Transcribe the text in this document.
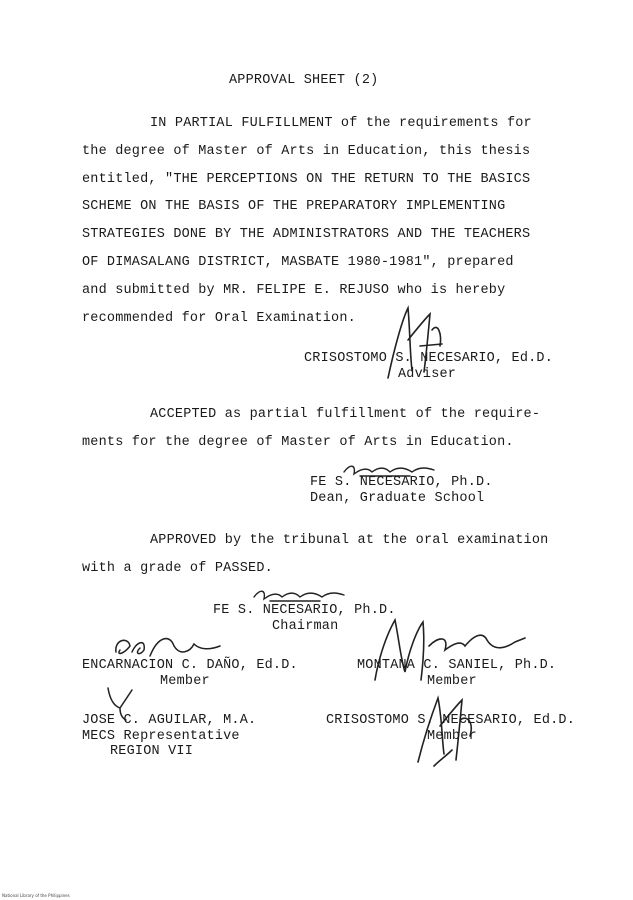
APPROVAL SHEET (2)
IN PARTIAL FULFILLMENT of the requirements for
the degree of Master of Arts in Education, this thesis
entitled, "THE PERCEPTIONS ON THE RETURN TO THE BASICS
SCHEME ON THE BASIS OF THE PREPARATORY IMPLEMENTING
STRATEGIES DONE BY THE ADMINISTRATORS AND THE TEACHERS
OF DIMASALANG DISTRICT, MASBATE 1980-1981", prepared
and submitted by MR. FELIPE E. REJUSO who is hereby
recommended for Oral Examination.
CRISOSTOMO S. NECESARIO, Ed.D.
Adviser
ACCEPTED as partial fulfillment of the require-
ments for the degree of Master of Arts in Education.
FE S. NECESARIO, Ph.D.
Dean, Graduate School
APPROVED by the tribunal at the oral examination
with a grade of PASSED.
FE S. NECESARIO, Ph.D.
Chairman
ENCARNACION C. DAÑO, Ed.D.
Member
MONTANA C. SANIEL, Ph.D.
Member
JOSE C. AGUILAR, M.A.
MECS Representative
REGION VII
CRISOSTOMO S. NECESARIO, Ed.D.
Member
National Library of the Philippines
